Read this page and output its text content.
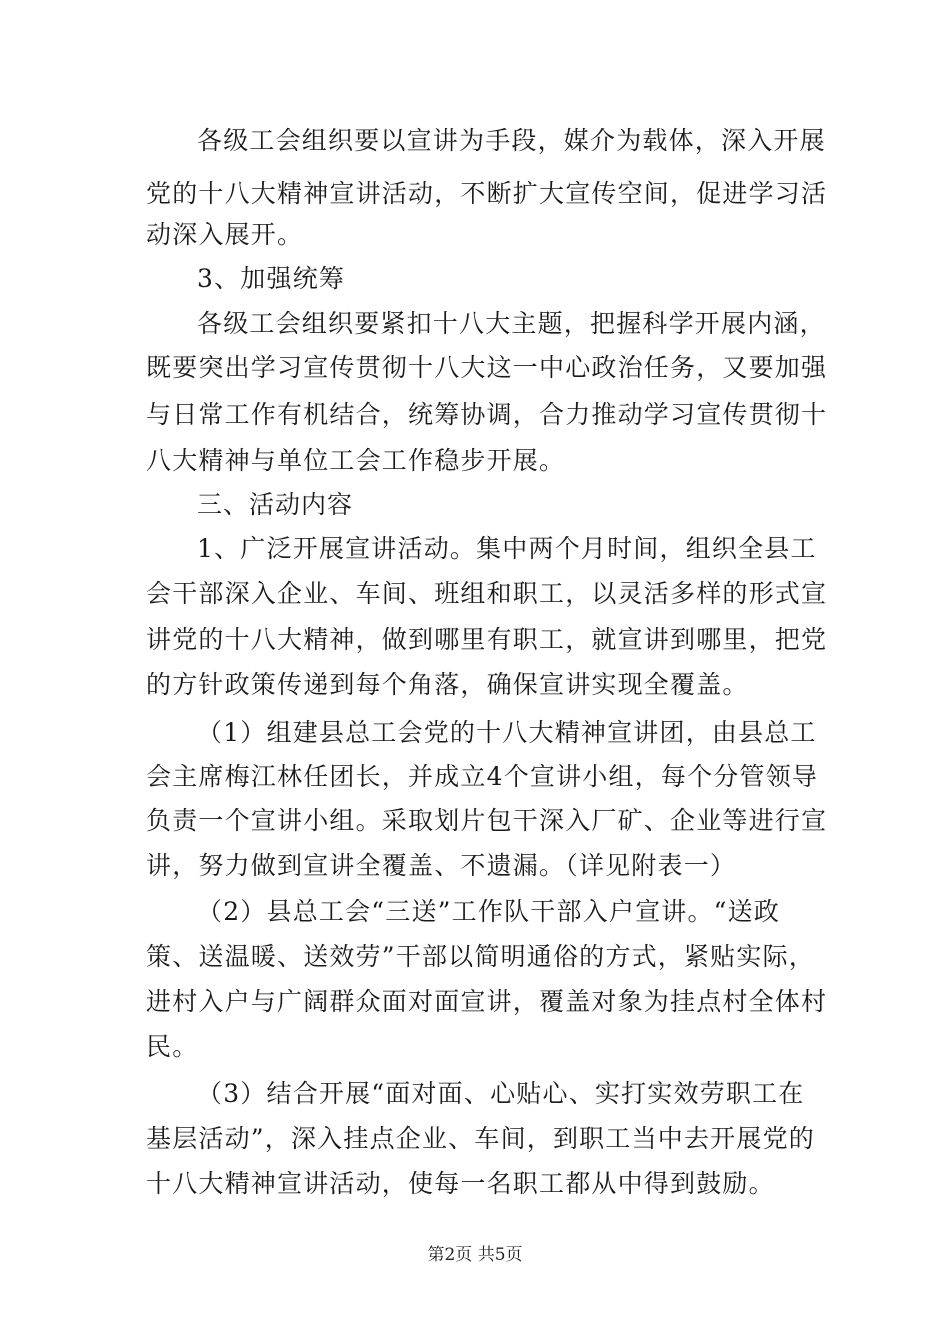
各级工会组织要以宣讲为手段，媒介为载体，深入开展
党的十八大精神宣讲活动，不断扩大宣传空间，促进学习活
动深入展开。
3、加强统筹
各级工会组织要紧扣十八大主题，把握科学开展内涵，
既要突出学习宣传贯彻十八大这一中心政治任务，又要加强
与日常工作有机结合，统筹协调，合力推动学习宣传贯彻十
八大精神与单位工会工作稳步开展。
三、活动内容
1、广泛开展宣讲活动。集中两个月时间，组织全县工
会干部深入企业、车间、班组和职工，以灵活多样的形式宣
讲党的十八大精神，做到哪里有职工，就宣讲到哪里，把党
的方针政策传递到每个角落，确保宣讲实现全覆盖。
（1）组建县总工会党的十八大精神宣讲团，由县总工
会主席梅江林任团长，并成立4个宣讲小组，每个分管领导
负责一个宣讲小组。采取划片包干深入厂矿、企业等进行宣
讲，努力做到宣讲全覆盖、不遗漏。（详见附表一）
（2）县总工会“三送”工作队干部入户宣讲。“送政
策、送温暖、送效劳”干部以简明通俗的方式，紧贴实际，
进村入户与广阔群众面对面宣讲，覆盖对象为挂点村全体村
民。
（3）结合开展“面对面、心贴心、实打实效劳职工在
基层活动”，深入挂点企业、车间，到职工当中去开展党的
十八大精神宣讲活动，使每一名职工都从中得到鼓励。
第2页 共5页
